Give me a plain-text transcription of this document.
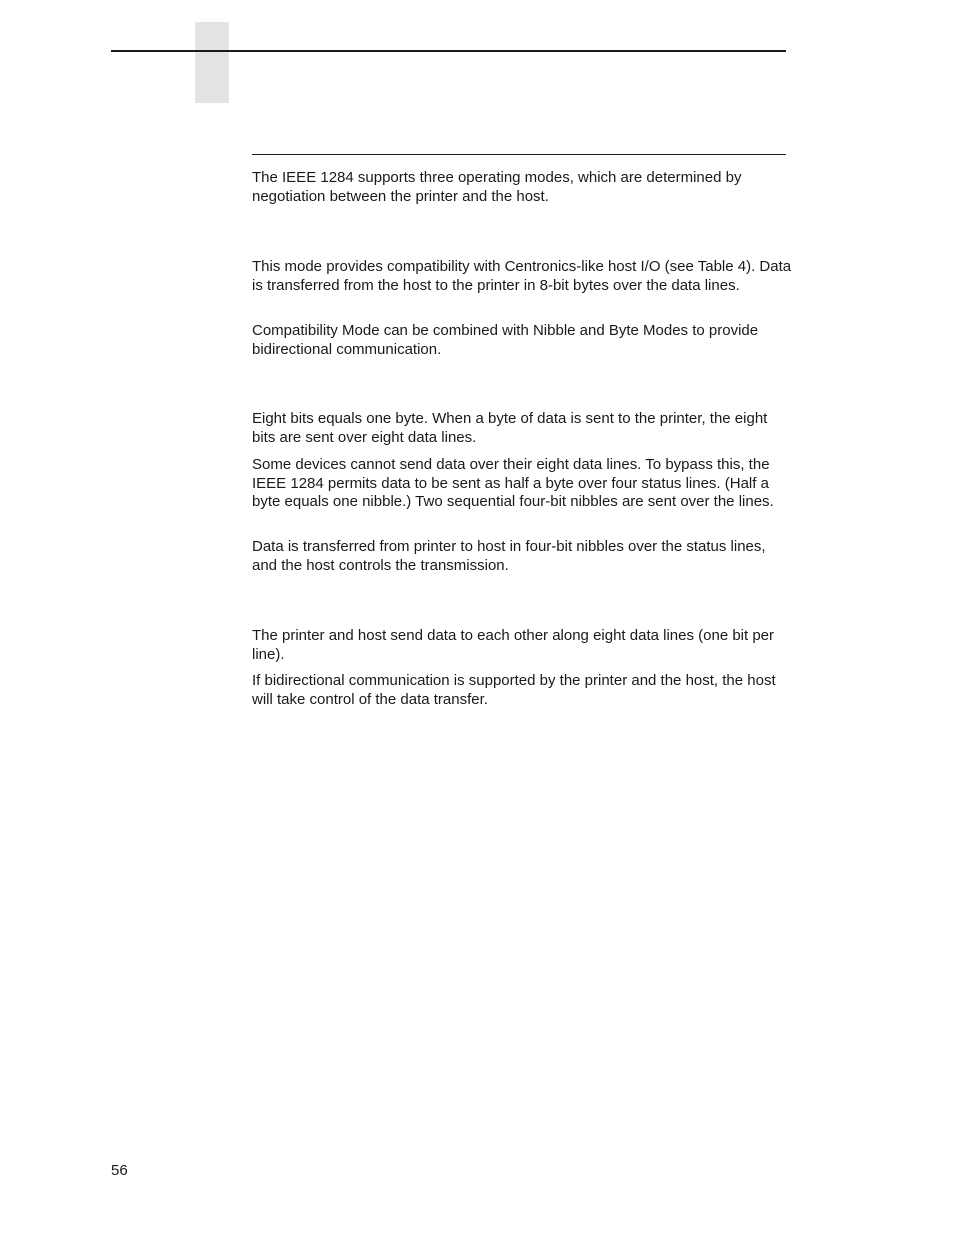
The IEEE 1284 supports three operating modes, which are determined by negotiation between the printer and the host.

This mode provides compatibility with Centronics-like host I/O (see Table 4). Data is transferred from the host to the printer in 8-bit bytes over the data lines.

Compatibility Mode can be combined with Nibble and Byte Modes to provide bidirectional communication.

Eight bits equals one byte. When a byte of data is sent to the printer, the eight bits are sent over eight data lines.

Some devices cannot send data over their eight data lines. To bypass this, the IEEE 1284 permits data to be sent as half a byte over four status lines. (Half a byte equals one nibble.) Two sequential four-bit nibbles are sent over the lines.

Data is transferred from printer to host in four-bit nibbles over the status lines, and the host controls the transmission.

The printer and host send data to each other along eight data lines (one bit per line).

If bidirectional communication is supported by the printer and the host, the host will take control of the data transfer.

56
